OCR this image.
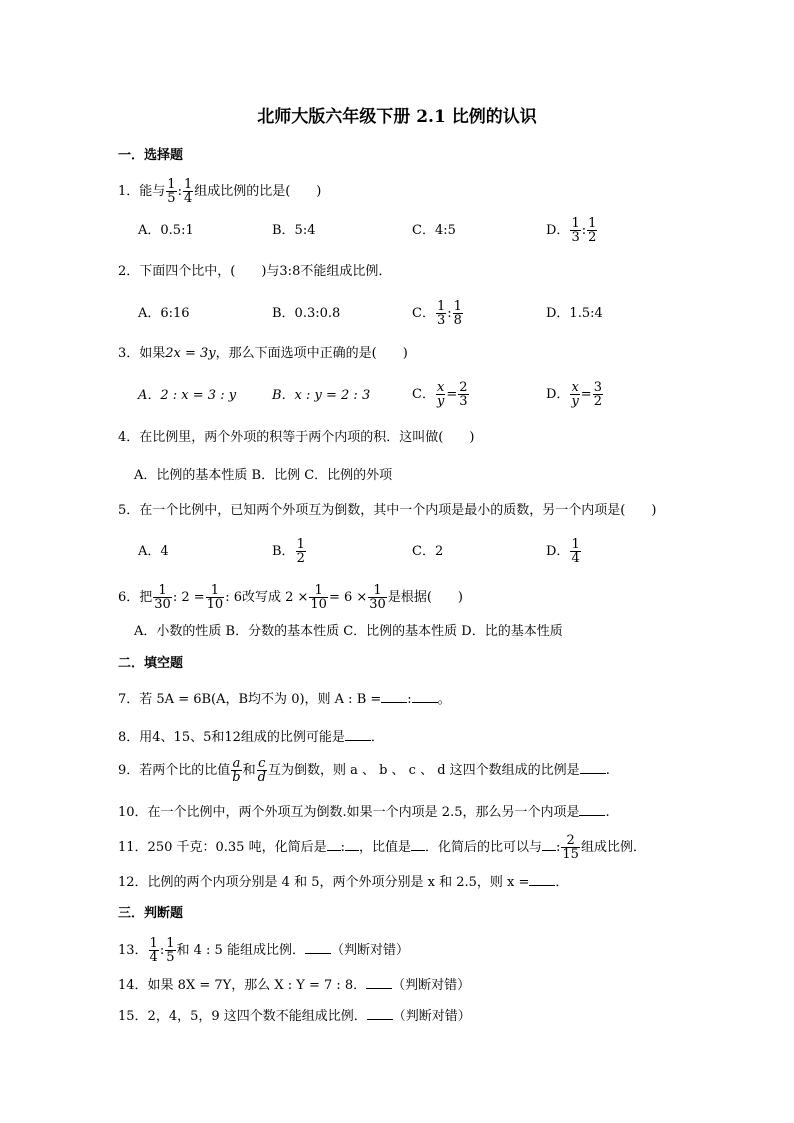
北师大版六年级下册 2.1 比例的认识
一．选择题
1．能与 $\frac{1}{5}$ : $\frac{1}{4}$ 组成比例的比是(　　)
A．0.5:1	B．5:4	C．4:5	D． $\frac{1}{3}$ : $\frac{1}{2}$
2．下面四个比中，(　　)与3:8不能组成比例．
A．6:16	B．0.3:0.8	C． $\frac{1}{3}$ : $\frac{1}{8}$	D．1.5:4
3．如果2x = 3y，那么下面选项中正确的是(　　)
A．2 : x = 3 : y	B．x : y = 2 : 3	C． $\frac{x}{y} = \frac{2}{3}$	D． $\frac{x}{y} = \frac{3}{2}$
4．在比例里，两个外项的积等于两个内项的积．这叫做(　　)
A．比例的基本性质 B．比例 C．比例的外项
5．在一个比例中，已知两个外项互为倒数，其中一个内项是最小的质数，另一个内项是(　　)
A．4	B． $\frac{1}{2}$	C．2	D． $\frac{1}{4}$
6．把 $\frac{1}{30}$ : $2 = \frac{1}{10}$ : 6改写成 $2 \times \frac{1}{10} = 6 \times \frac{1}{30}$ 是根据(　　)
A．小数的性质 B．分数的基本性质 C．比例的基本性质 D．比的基本性质
二．填空题
7．若 5A = 6B(A，B均不为 0)，则 A : B = : 。
8．用4、15、5和12组成的比例可能是 ．
9．若两个比的比值 $\frac{a}{b}$ 和 $\frac{c}{d}$ 互为倒数，则 a 、 b 、 c 、 d 这四个数组成的比例是 .
10．在一个比例中，两个外项互为倒数.如果一个内项是 2.5，那么另一个内项是 .
11．250 千克：0.35 吨，化简后是 : ，比值是 ．化简后的比可以与 : $\frac{2}{15}$ 组成比例．
12．比例的两个内项分别是 4 和 5，两个外项分别是 x 和 2.5，则 x = ．
三．判断题
13． $\frac{1}{4}$ : $\frac{1}{5}$ 和 4 : 5 能组成比例． （判断对错）
14．如果 8X = 7Y，那么 X : Y = 7 : 8． （判断对错）
15．2，4，5，9 这四个数不能组成比例． （判断对错）
